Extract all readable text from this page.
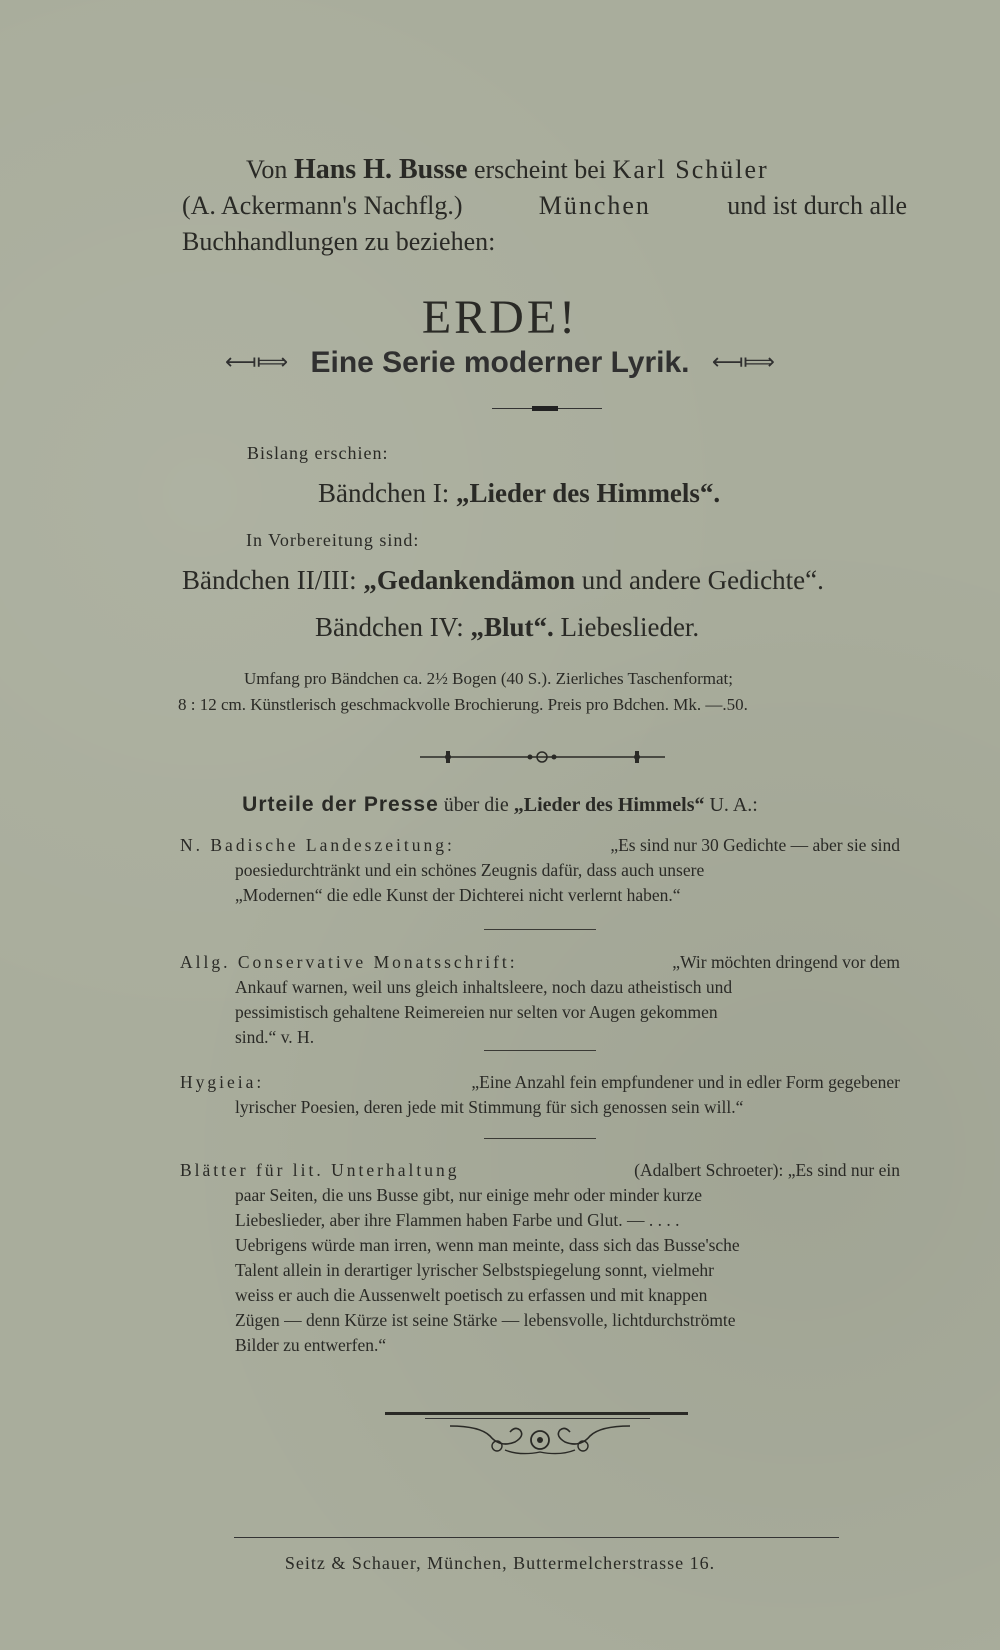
Von Hans H. Busse erscheint bei Karl Schüler
(A. Ackermann's Nachflg.)	München	und ist durch alle
Buchhandlungen zu beziehen:
ERDE!
⟻⟾ Eine Serie moderner Lyrik. ⟻⟾
Bislang erschien:
Bändchen I: „Lieder des Himmels“.
In Vorbereitung sind:
Bändchen II/III: „Gedankendämon und andere Gedichte“.
Bändchen IV: „Blut“. Liebeslieder.
Umfang pro Bändchen ca. 2½ Bogen (40 S.). Zierliches Taschenformat;
8 : 12 cm. Künstlerisch geschmackvolle Brochierung. Preis pro Bdchen. Mk. —.50.
Urteile der Presse über die „Lieder des Himmels“ U. A.:
N. Badische Landeszeitung:	„Es sind nur 30 Gedichte — aber sie sind
poesiedurchtränkt und ein schönes Zeugnis dafür, dass auch unsere
„Modernen“ die edle Kunst der Dichterei nicht verlernt haben.“
Allg. Conservative Monatsschrift:	„Wir möchten dringend vor dem
Ankauf warnen, weil uns gleich inhaltsleere, noch dazu atheistisch und
pessimistisch gehaltene Reimereien nur selten vor Augen gekommen
sind.“ v. H.
Hygieia:	„Eine Anzahl fein empfundener und in edler Form gegebener
lyrischer Poesien, deren jede mit Stimmung für sich genossen sein will.“
Blätter für lit. Unterhaltung	(Adalbert Schroeter): „Es sind nur ein
paar Seiten, die uns Busse gibt, nur einige mehr oder minder kurze
Liebeslieder, aber ihre Flammen haben Farbe und Glut. — . . . .
Uebrigens würde man irren, wenn man meinte, dass sich das Busse'sche
Talent allein in derartiger lyrischer Selbstspiegelung sonnt, vielmehr
weiss er auch die Aussenwelt poetisch zu erfassen und mit knappen
Zügen — denn Kürze ist seine Stärke — lebensvolle, lichtdurchströmte
Bilder zu entwerfen.“
Seitz & Schauer, München, Buttermelcherstrasse 16.
